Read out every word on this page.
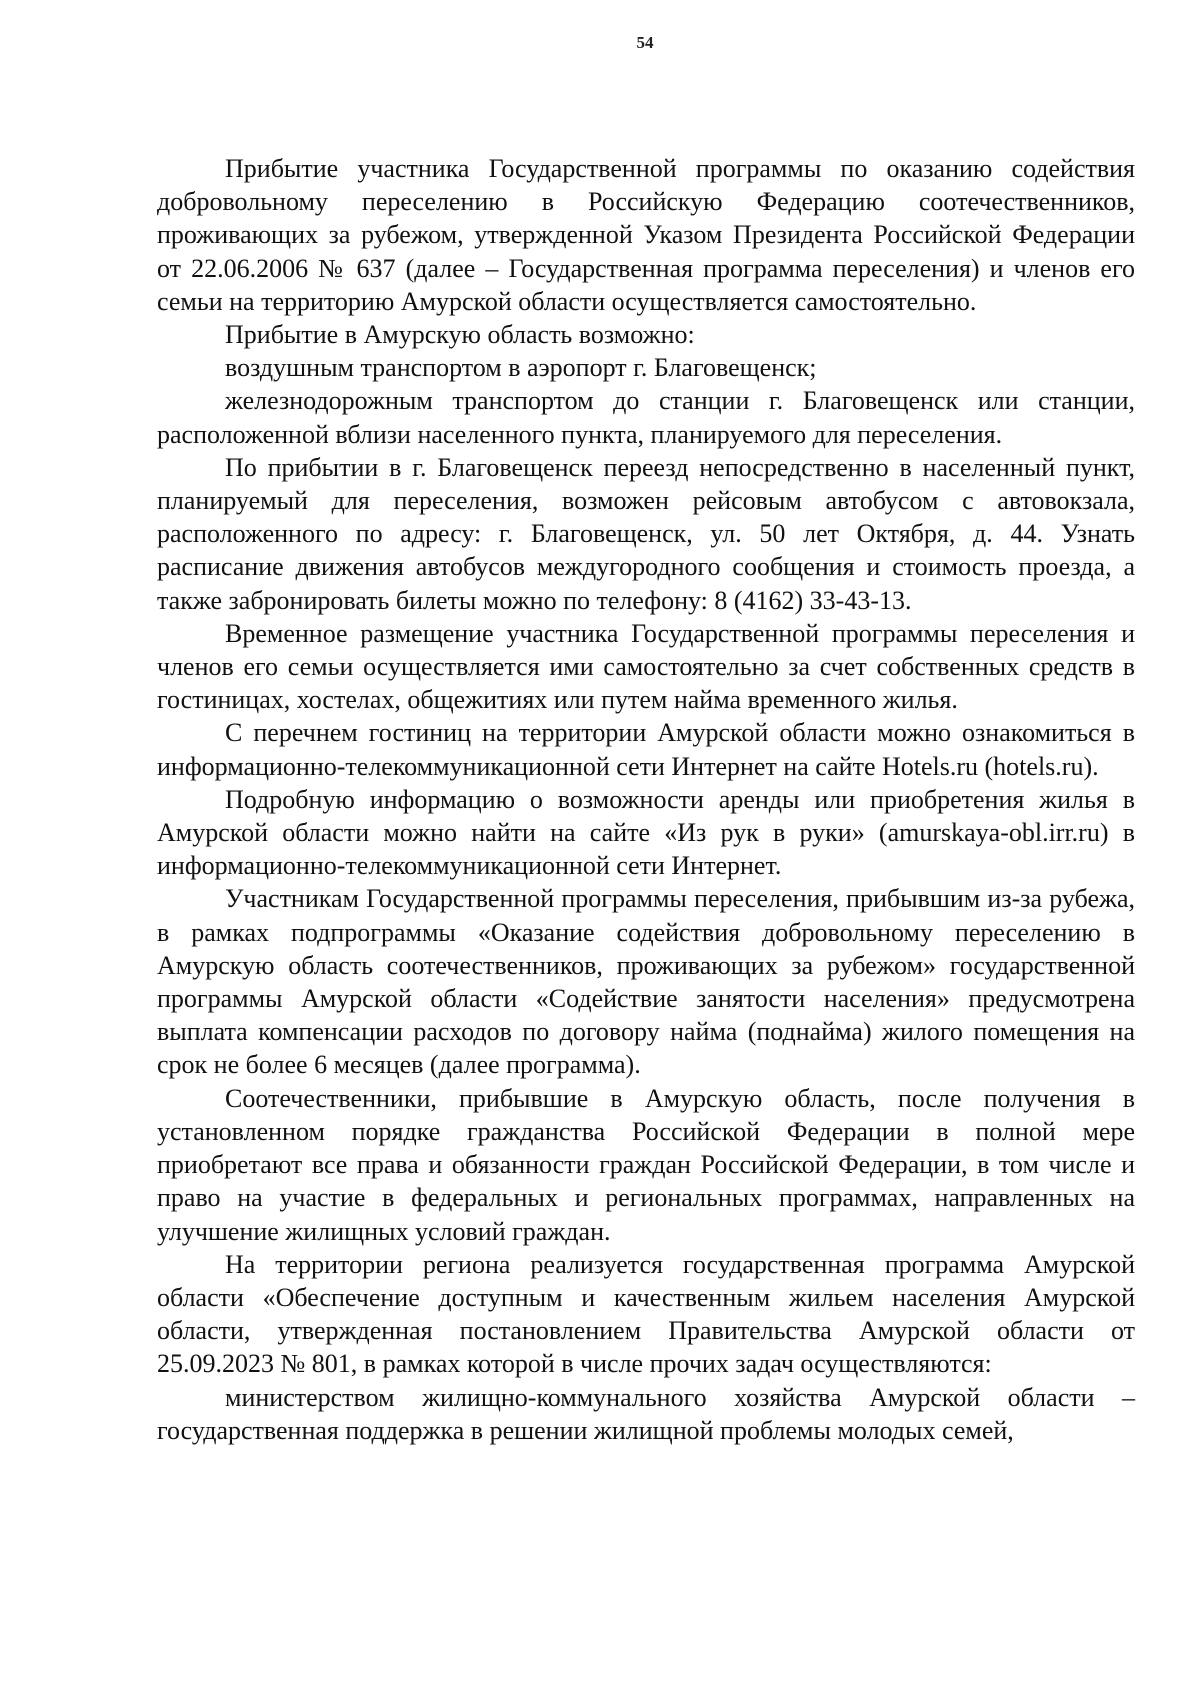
54

Прибытие участника Государственной программы по оказанию содействия добровольному переселению в Российскую Федерацию соотечественников, проживающих за рубежом, утвержденной Указом Президента Российской Федерации от 22.06.2006 № 637 (далее – Государственная программа переселения) и членов его семьи на территорию Амурской области осуществляется самостоятельно.

Прибытие в Амурскую область возможно:

воздушным транспортом в аэропорт г. Благовещенск;

железнодорожным транспортом до станции г. Благовещенск или станции, расположенной вблизи населенного пункта, планируемого для переселения.

По прибытии в г. Благовещенск переезд непосредственно в населенный пункт, планируемый для переселения, возможен рейсовым автобусом с автовокзала, расположенного по адресу: г. Благовещенск, ул. 50 лет Октября, д. 44. Узнать расписание движения автобусов междугородного сообщения и стоимость проезда, а также забронировать билеты можно по телефону: 8 (4162) 33-43-13.

Временное размещение участника Государственной программы переселения и членов его семьи осуществляется ими самостоятельно за счет собственных средств в гостиницах, хостелах, общежитиях или путем найма временного жилья.

С перечнем гостиниц на территории Амурской области можно ознакомиться в информационно-телекоммуникационной сети Интернет на сайте Hotels.ru (hotels.ru).

Подробную информацию о возможности аренды или приобретения жилья в Амурской области можно найти на сайте «Из рук в руки» (amurskaya-obl.irr.ru) в информационно-телекоммуникационной сети Интернет.

Участникам Государственной программы переселения, прибывшим из-за рубежа, в рамках подпрограммы «Оказание содействия добровольному переселению в Амурскую область соотечественников, проживающих за рубежом» государственной программы Амурской области «Содействие занятости населения» предусмотрена выплата компенсации расходов по договору найма (поднайма) жилого помещения на срок не более 6 месяцев (далее программа).

Соотечественники, прибывшие в Амурскую область, после получения в установленном порядке гражданства Российской Федерации в полной мере приобретают все права и обязанности граждан Российской Федерации, в том числе и право на участие в федеральных и региональных программах, направленных на улучшение жилищных условий граждан.

На территории региона реализуется государственная программа Амурской области «Обеспечение доступным и качественным жильем населения Амурской области, утвержденная постановлением Правительства Амурской области от 25.09.2023 № 801, в рамках которой в числе прочих задач осуществляются:

министерством жилищно-коммунального хозяйства Амурской области – государственная поддержка в решении жилищной проблемы молодых семей,
